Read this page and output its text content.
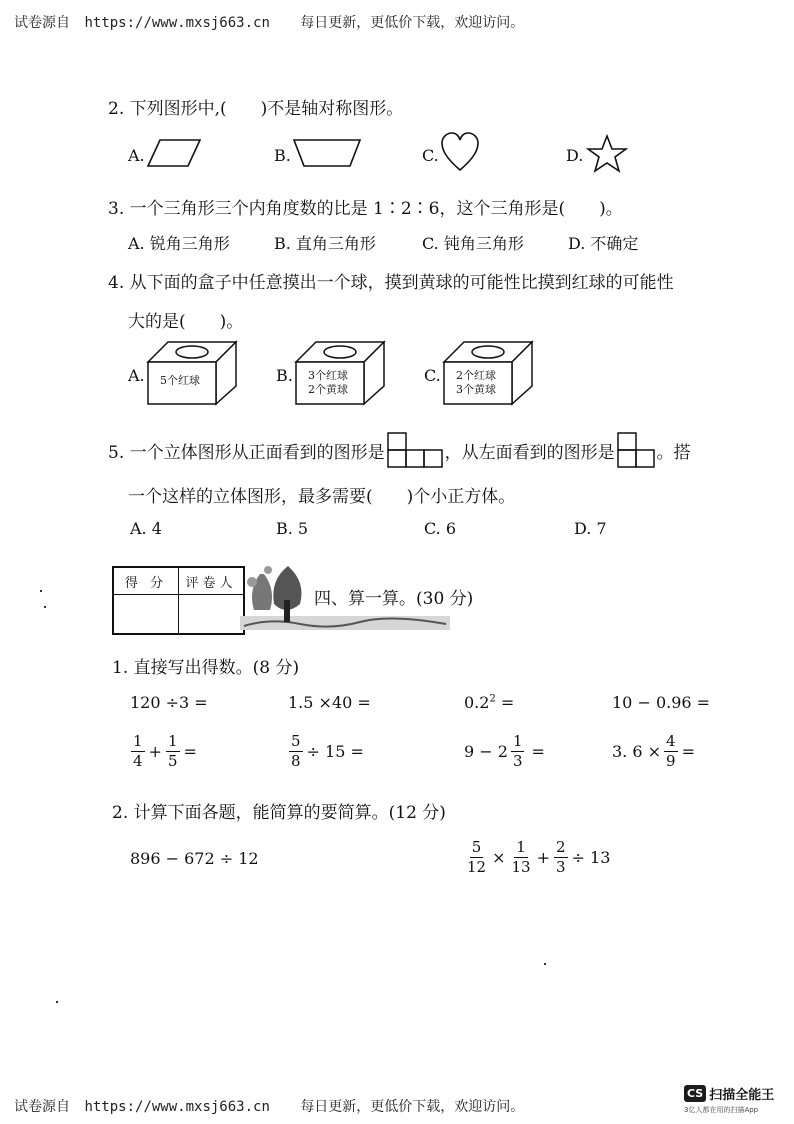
试卷源自 https://www.mxsj663.cn 每日更新，更低价下载，欢迎访问。
2. 下列图形中,(　　)不是轴对称图形。
A.	B.	C.	D.
3. 一个三角形三个内角度数的比是 1∶2∶6，这个三角形是(　　)。
A. 锐角三角形	B. 直角三角形	C. 钝角三角形	D. 不确定
4. 从下面的盒子中任意摸出一个球，摸到黄球的可能性比摸到红球的可能性
大的是(　　)。
A.	5个红球	B.	3个红球
2个黄球
C.	2个红球
3个黄球
5. 一个立体图形从正面看到的图形是	，从左面看到的图形是 。搭
一个这样的立体图形，最多需要(　　)个小正方体。
A. 4	B. 5	C. 6	D. 7
得 分	评卷人

四、算一算。(30 分)
1. 直接写出得数。(8 分)
120 ÷3 =	1.5 ×40 =	$0.2^2$ =	10 − 0.96 =
$\frac{1}{4} + \frac{1}{5}$ =	$\frac{5}{8} \div 15$ =	$9 - 2 \frac{1}{3}$ =	3. $6 \times \frac{4}{9}$ =
2. 计算下面各题，能简算的要简算。(12 分)
896 − 672 ÷ 12	$\frac{5}{12} \times \frac{1}{13} + \frac{2}{3} \div 13$
试卷源自 https://www.mxsj663.cn 每日更新，更低价下载，欢迎访问。
CS 扫描全能王
3亿人都在用的扫描App
